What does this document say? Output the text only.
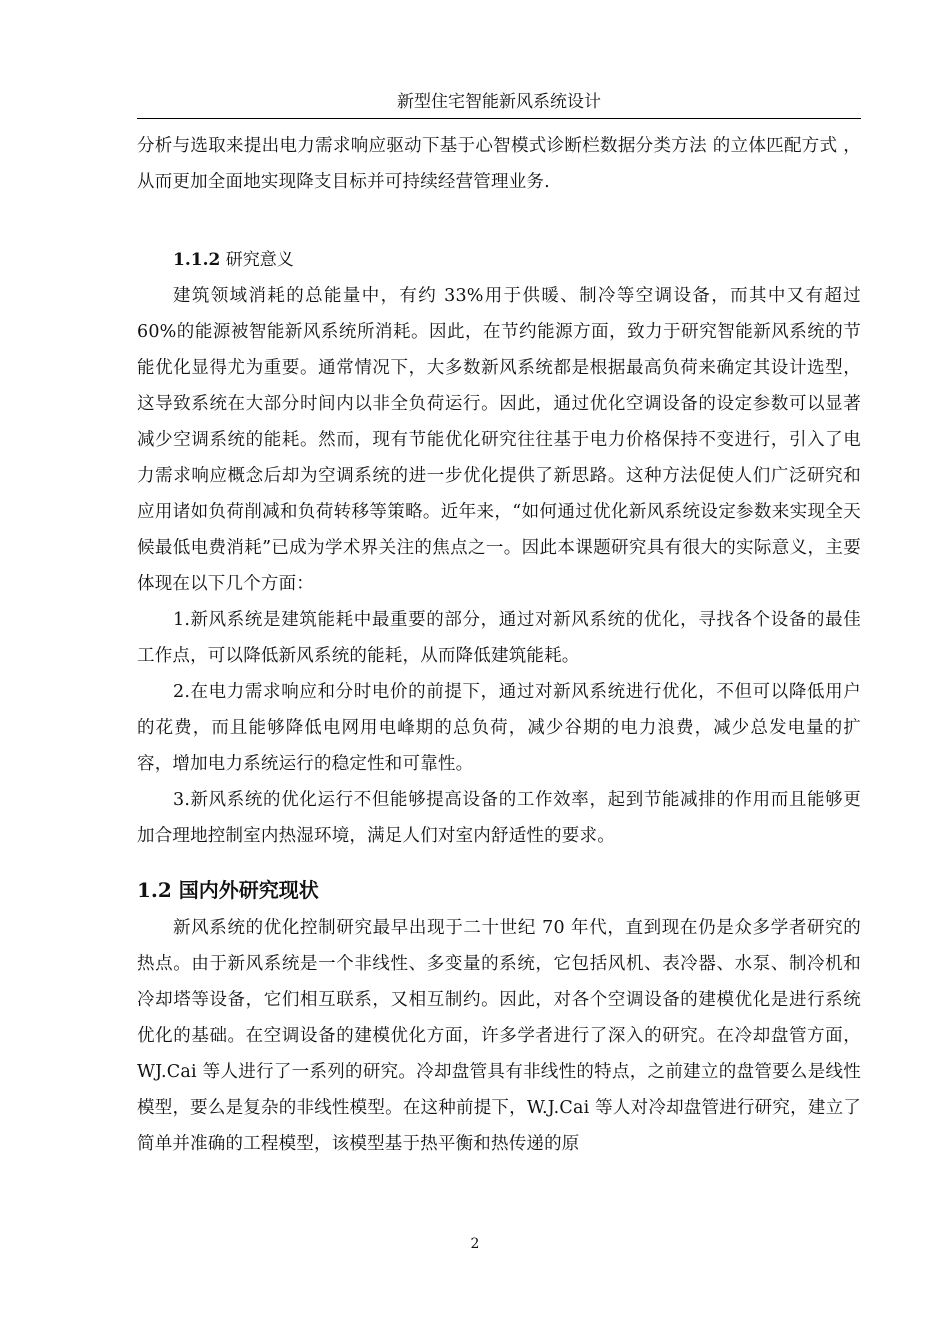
新型住宅智能新风系统设计

分析与选取来提出电力需求响应驱动下基于心智模式诊断栏数据分类方法 的立体匹配方式 ，从而更加全面地实现降支目标并可持续经营管理业务.

1.1.2 研究意义

建筑领域消耗的总能量中，有约 33%用于供暖、制冷等空调设备，而其中又有超过 60%的能源被智能新风系统所消耗。因此，在节约能源方面，致力于研究智能新风系统的节能优化显得尤为重要。通常情况下，大多数新风系统都是根据最高负荷来确定其设计选型，这导致系统在大部分时间内以非全负荷运行。因此，通过优化空调设备的设定参数可以显著减少空调系统的能耗。然而，现有节能优化研究往往基于电力价格保持不变进行，引入了电力需求响应概念后却为空调系统的进一步优化提供了新思路。这种方法促使人们广泛研究和应用诸如负荷削减和负荷转移等策略。近年来，“如何通过优化新风系统设定参数来实现全天候最低电费消耗”已成为学术界关注的焦点之一。因此本课题研究具有很大的实际意义，主要体现在以下几个方面：

1.新风系统是建筑能耗中最重要的部分，通过对新风系统的优化，寻找各个设备的最佳工作点，可以降低新风系统的能耗，从而降低建筑能耗。

2.在电力需求响应和分时电价的前提下，通过对新风系统进行优化，不但可以降低用户的花费，而且能够降低电网用电峰期的总负荷，减少谷期的电力浪费，减少总发电量的扩容，增加电力系统运行的稳定性和可靠性。

3.新风系统的优化运行不但能够提高设备的工作效率，起到节能减排的作用而且能够更加合理地控制室内热湿环境，满足人们对室内舒适性的要求。

1.2 国内外研究现状

新风系统的优化控制研究最早出现于二十世纪 70 年代，直到现在仍是众多学者研究的热点。由于新风系统是一个非线性、多变量的系统，它包括风机、表冷器、水泵、制冷机和冷却塔等设备，它们相互联系，又相互制约。因此，对各个空调设备的建模优化是进行系统优化的基础。在空调设备的建模优化方面，许多学者进行了深入的研究。在冷却盘管方面，WJ.Cai 等人进行了一系列的研究。冷却盘管具有非线性的特点，之前建立的盘管要么是线性模型，要么是复杂的非线性模型。在这种前提下，W.J.Cai 等人对冷却盘管进行研究，建立了简单并准确的工程模型，该模型基于热平衡和热传递的原

2
